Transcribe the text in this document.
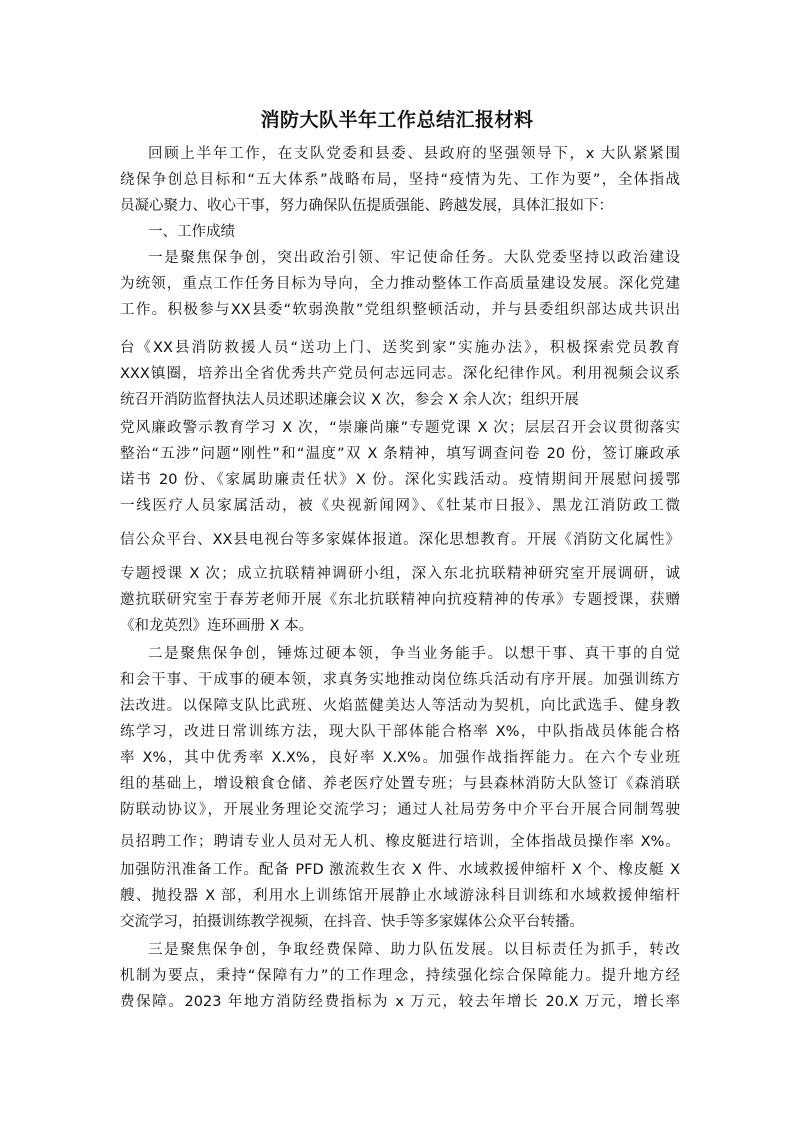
消防大队半年工作总结汇报材料
回顾上半年工作，在支队党委和县委、县政府的坚强领导下，x 大队紧紧围
绕保争创总目标和“五大体系”战略布局，坚持“疫情为先、工作为要”，全体指战
员凝心聚力、收心干事，努力确保队伍提质强能、跨越发展，具体汇报如下：
一、工作成绩
一是聚焦保争创，突出政治引领、牢记使命任务。大队党委坚持以政治建设
为统领，重点工作任务目标为导向，全力推动整体工作高质量建设发展。深化党建
工作。积极参与XX县委“软弱涣散”党组织整顿活动，并与县委组织部达成共识出
台《XX县消防救援人员“送功上门、送奖到家”实施办法》，积极探索党员教育
XXX镇圈，培养出全省优秀共产党员何志远同志。深化纪律作风。利用视频会议系
统召开消防监督执法人员述职述廉会议 X 次，参会 X 余人次；组织开展
党风廉政警示教育学习 X 次，“崇廉尚廉”专题党课 X 次；层层召开会议贯彻落实
整治“五涉”问题“刚性”和“温度”双 X 条精神，填写调查问卷 20 份，签订廉政承
诺书 20 份、《家属助廉责任状》X 份。深化实践活动。疫情期间开展慰问援鄂
一线医疗人员家属活动，被《央视新闻网》、《牡某市日报》、黑龙江消防政工微
信公众平台、XX县电视台等多家媒体报道。深化思想教育。开展《消防文化属性》
专题授课 X 次；成立抗联精神调研小组，深入东北抗联精神研究室开展调研，诚
邀抗联研究室于春芳老师开展《东北抗联精神向抗疫精神的传承》专题授课，获赠
《和龙英烈》连环画册 X 本。
二是聚焦保争创，锤炼过硬本领，争当业务能手。以想干事、真干事的自觉
和会干事、干成事的硬本领，求真务实地推动岗位练兵活动有序开展。加强训练方
法改进。以保障支队比武班、火焰蓝健美达人等活动为契机，向比武选手、健身教
练学习，改进日常训练方法，现大队干部体能合格率 X%，中队指战员体能合格
率 X%，其中优秀率 X.X%，良好率 X.X%。加强作战指挥能力。在六个专业班
组的基础上，增设粮食仓储、养老医疗处置专班；与县森林消防大队签订《森消联
防联动协议》，开展业务理论交流学习；通过人社局劳务中介平台开展合同制驾驶
员招聘工作；聘请专业人员对无人机、橡皮艇进行培训，全体指战员操作率 X%。
加强防汛准备工作。配备 PFD 激流救生衣 X 件、水域救援伸缩杆 X 个、橡皮艇 X
艘、抛投器 X 部，利用水上训练馆开展静止水域游泳科目训练和水域救援伸缩杆
交流学习，拍摄训练教学视频，在抖音、快手等多家媒体公众平台转播。
三是聚焦保争创，争取经费保障、助力队伍发展。以目标责任为抓手，转改
机制为要点，秉持“保障有力”的工作理念，持续强化综合保障能力。提升地方经
费保障。2023 年地方消防经费指标为 x 万元，较去年增长 20.X 万元，增长率
